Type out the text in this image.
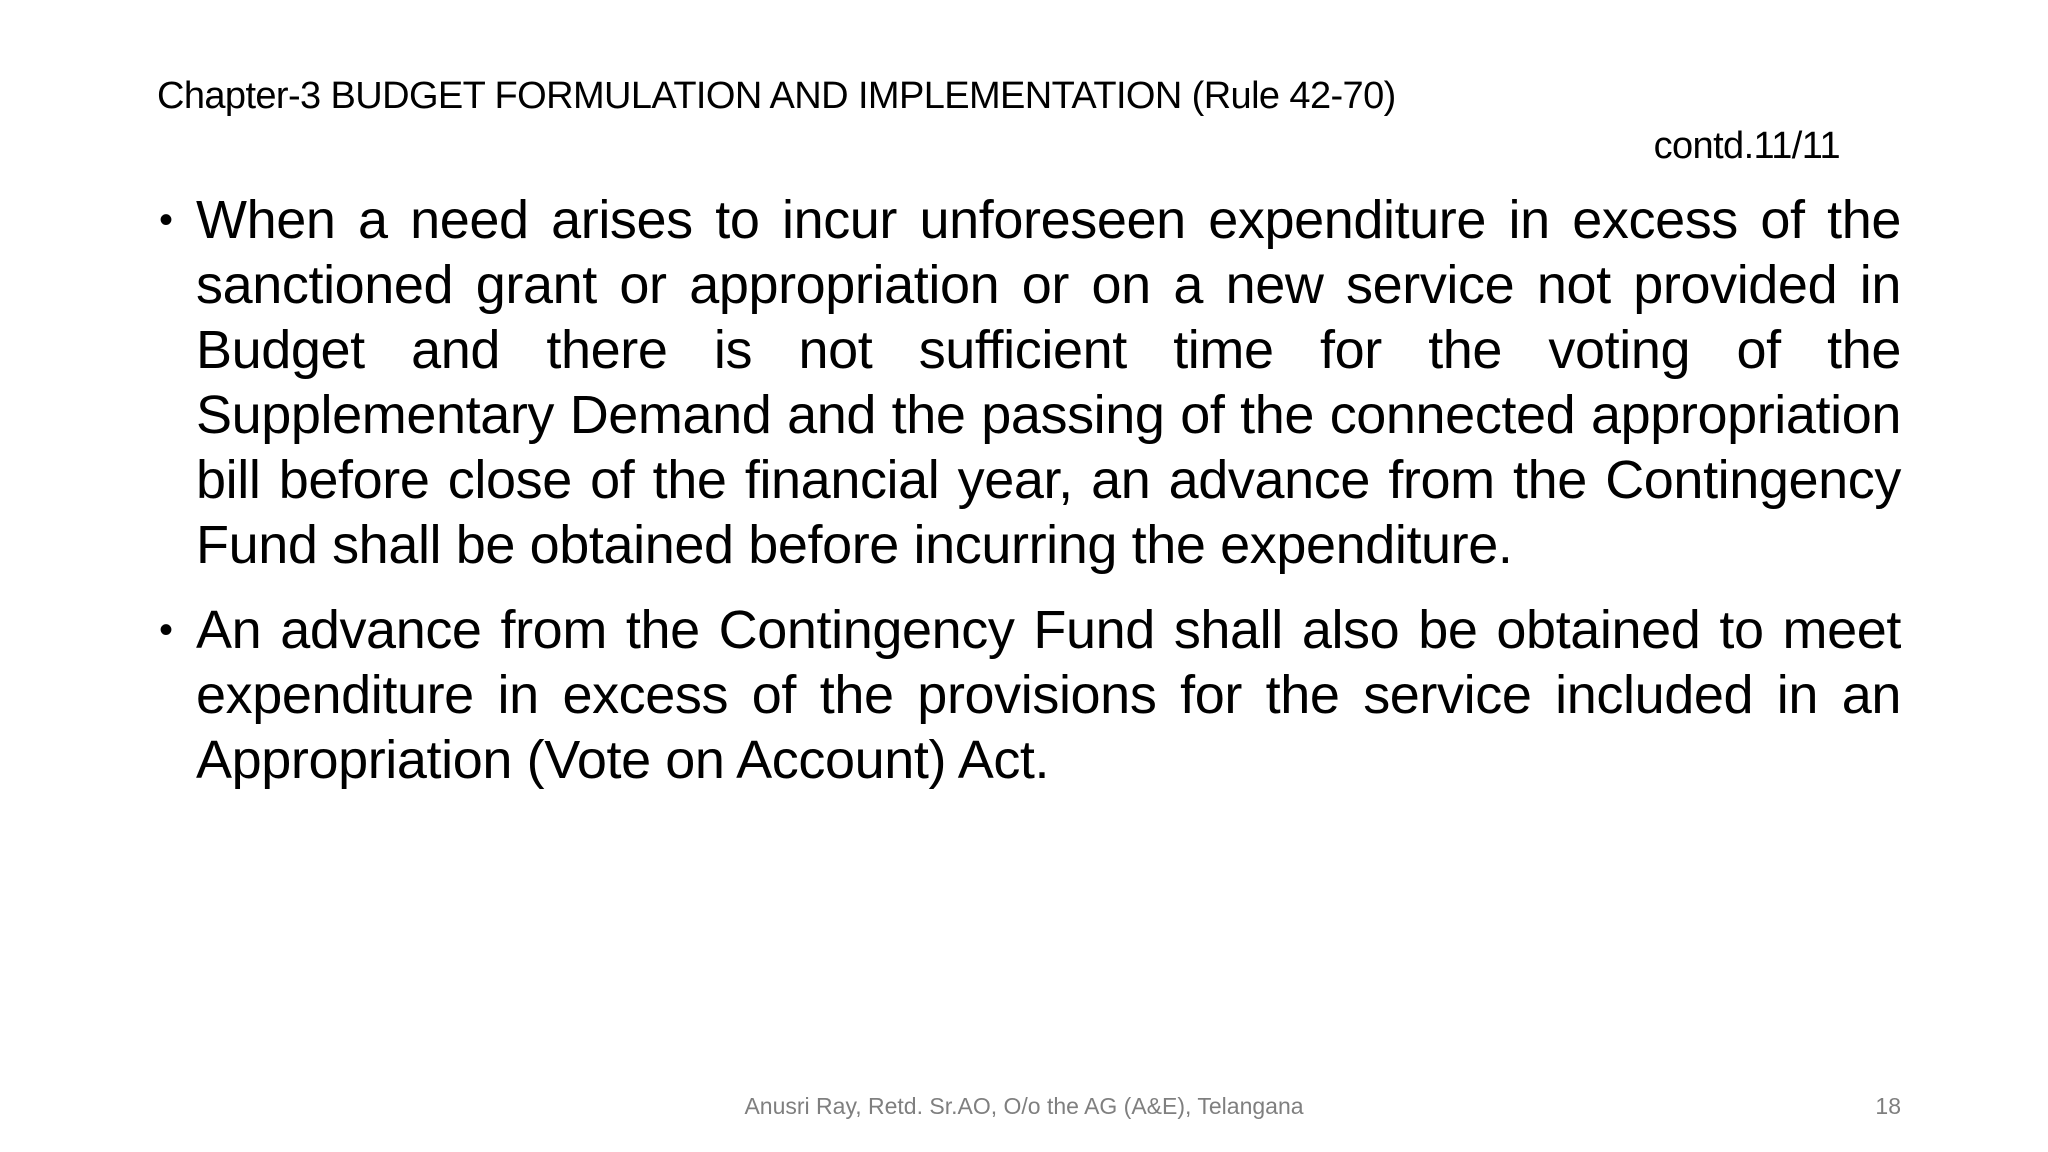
Chapter-3 BUDGET FORMULATION AND IMPLEMENTATION (Rule 42-70)
contd.11/11
• When a need arises to incur unforeseen expenditure in excess of the sanctioned grant or appropriation or on a new service not provided in Budget and there is not sufficient time for the voting of the Supplementary Demand and the passing of the connected appropriation bill before close of the financial year, an advance from the Contingency Fund shall be obtained before incurring the expenditure.
• An advance from the Contingency Fund shall also be obtained to meet expenditure in excess of the provisions for the service included in an Appropriation (Vote on Account) Act.
Anusri Ray, Retd. Sr.AO, O/o the AG (A&E), Telangana	18
